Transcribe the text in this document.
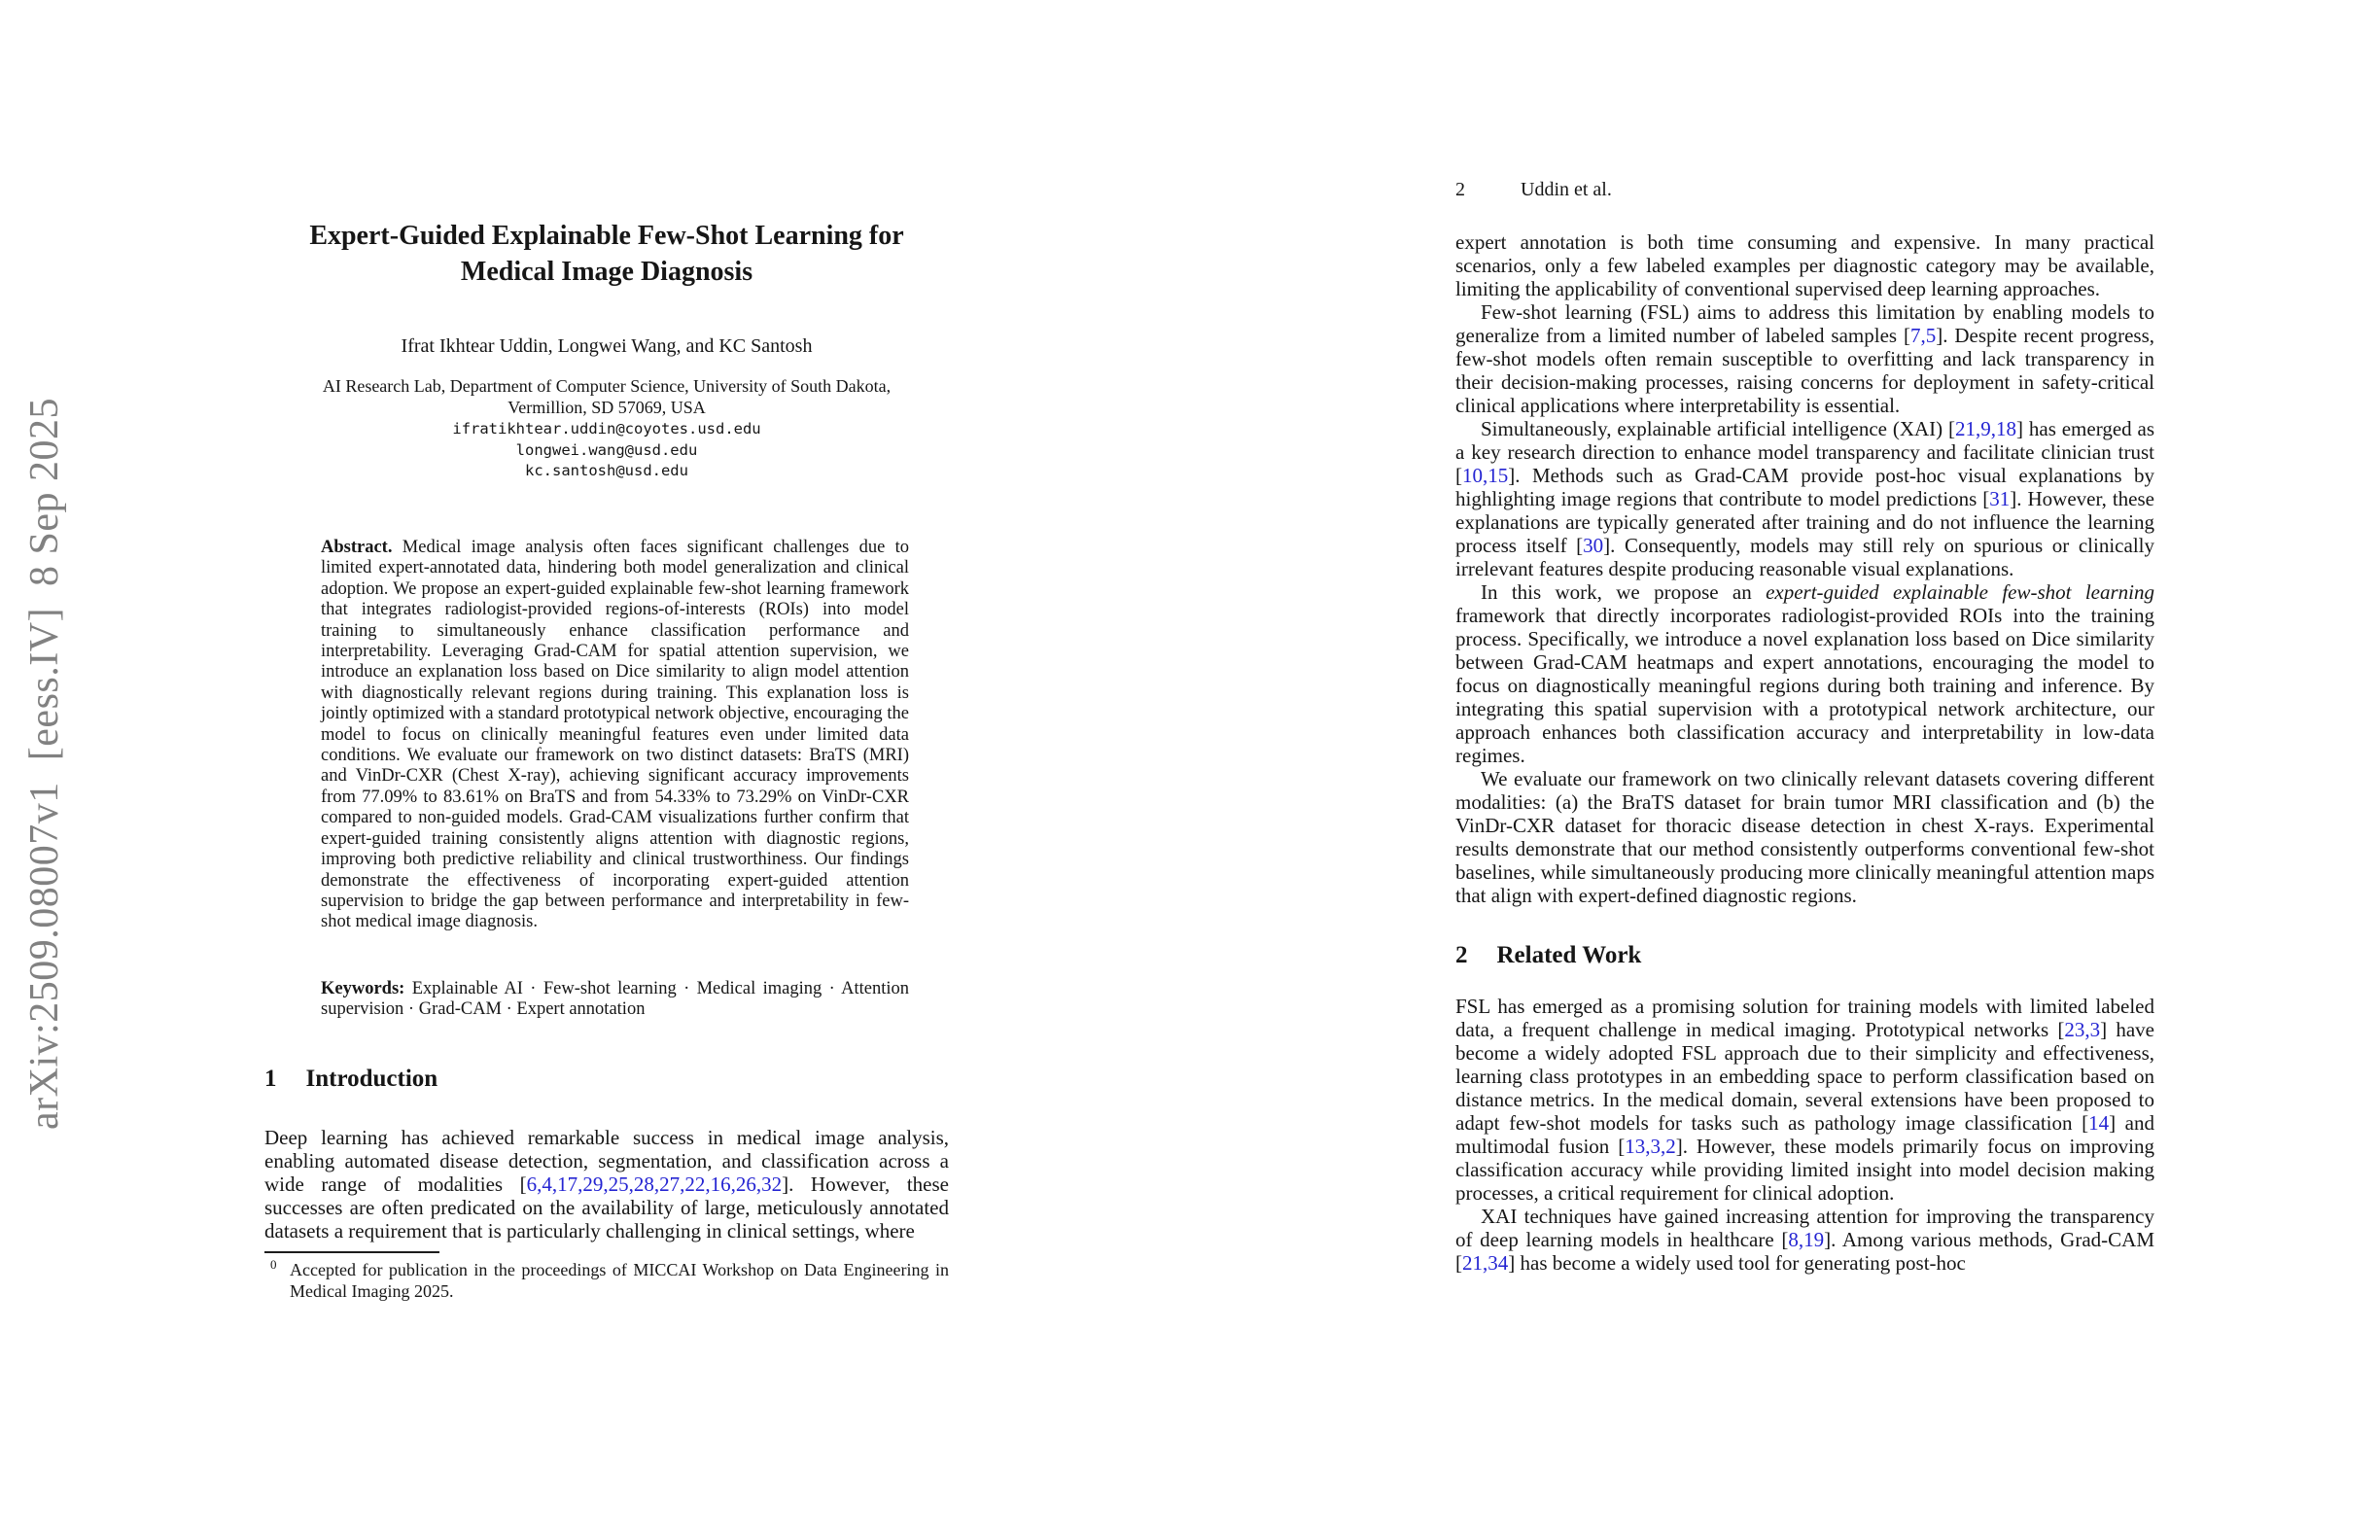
arXiv:2509.08007v1  [eess.IV]  8 Sep 2025
Expert-Guided Explainable Few-Shot Learning for
Medical Image Diagnosis
Ifrat Ikhtear Uddin, Longwei Wang, and KC Santosh
AI Research Lab, Department of Computer Science, University of South Dakota,
Vermillion, SD 57069, USA
ifratikhtear.uddin@coyotes.usd.edu
longwei.wang@usd.edu
kc.santosh@usd.edu
Abstract. Medical image analysis often faces significant challenges due to limited expert-annotated data, hindering both model generalization and clinical adoption. We propose an expert-guided explainable few-shot learning framework that integrates radiologist-provided regions-of-interests (ROIs) into model training to simultaneously enhance classification performance and interpretability. Leveraging Grad-CAM for spatial attention supervision, we introduce an explanation loss based on Dice similarity to align model attention with diagnostically relevant regions during training. This explanation loss is jointly optimized with a standard prototypical network objective, encouraging the model to focus on clinically meaningful features even under limited data conditions. We evaluate our framework on two distinct datasets: BraTS (MRI) and VinDr-CXR (Chest X-ray), achieving significant accuracy improvements from 77.09% to 83.61% on BraTS and from 54.33% to 73.29% on VinDr-CXR compared to non-guided models. Grad-CAM visualizations further confirm that expert-guided training consistently aligns attention with diagnostic regions, improving both predictive reliability and clinical trustworthiness. Our findings demonstrate the effectiveness of incorporating expert-guided attention supervision to bridge the gap between performance and interpretability in few-shot medical image diagnosis.
Keywords: Explainable AI · Few-shot learning · Medical imaging · Attention supervision · Grad-CAM · Expert annotation
1 Introduction
Deep learning has achieved remarkable success in medical image analysis, enabling automated disease detection, segmentation, and classification across a wide range of modalities [6,4,17,29,25,28,27,22,16,26,32]. However, these successes are often predicated on the availability of large, meticulously annotated datasets a requirement that is particularly challenging in clinical settings, where
0 Accepted for publication in the proceedings of MICCAI Workshop on Data Engineering in Medical Imaging 2025.
2	Uddin et al.

expert annotation is both time consuming and expensive. In many practical scenarios, only a few labeled examples per diagnostic category may be available, limiting the applicability of conventional supervised deep learning approaches.

Few-shot learning (FSL) aims to address this limitation by enabling models to generalize from a limited number of labeled samples [7,5]. Despite recent progress, few-shot models often remain susceptible to overfitting and lack transparency in their decision-making processes, raising concerns for deployment in safety-critical clinical applications where interpretability is essential.

Simultaneously, explainable artificial intelligence (XAI) [21,9,18] has emerged as a key research direction to enhance model transparency and facilitate clinician trust [10,15]. Methods such as Grad-CAM provide post-hoc visual explanations by highlighting image regions that contribute to model predictions [31]. However, these explanations are typically generated after training and do not influence the learning process itself [30]. Consequently, models may still rely on spurious or clinically irrelevant features despite producing reasonable visual explanations.

In this work, we propose an expert-guided explainable few-shot learning framework that directly incorporates radiologist-provided ROIs into the training process. Specifically, we introduce a novel explanation loss based on Dice similarity between Grad-CAM heatmaps and expert annotations, encouraging the model to focus on diagnostically meaningful regions during both training and inference. By integrating this spatial supervision with a prototypical network architecture, our approach enhances both classification accuracy and interpretability in low-data regimes.

We evaluate our framework on two clinically relevant datasets covering different modalities: (a) the BraTS dataset for brain tumor MRI classification and (b) the VinDr-CXR dataset for thoracic disease detection in chest X-rays. Experimental results demonstrate that our method consistently outperforms conventional few-shot baselines, while simultaneously producing more clinically meaningful attention maps that align with expert-defined diagnostic regions.

2 Related Work

FSL has emerged as a promising solution for training models with limited labeled data, a frequent challenge in medical imaging. Prototypical networks [23,3] have become a widely adopted FSL approach due to their simplicity and effectiveness, learning class prototypes in an embedding space to perform classification based on distance metrics. In the medical domain, several extensions have been proposed to adapt few-shot models for tasks such as pathology image classification [14] and multimodal fusion [13,3,2]. However, these models primarily focus on improving classification accuracy while providing limited insight into model decision making processes, a critical requirement for clinical adoption.

XAI techniques have gained increasing attention for improving the transparency of deep learning models in healthcare [8,19]. Among various methods, Grad-CAM [21,34] has become a widely used tool for generating post-hoc
